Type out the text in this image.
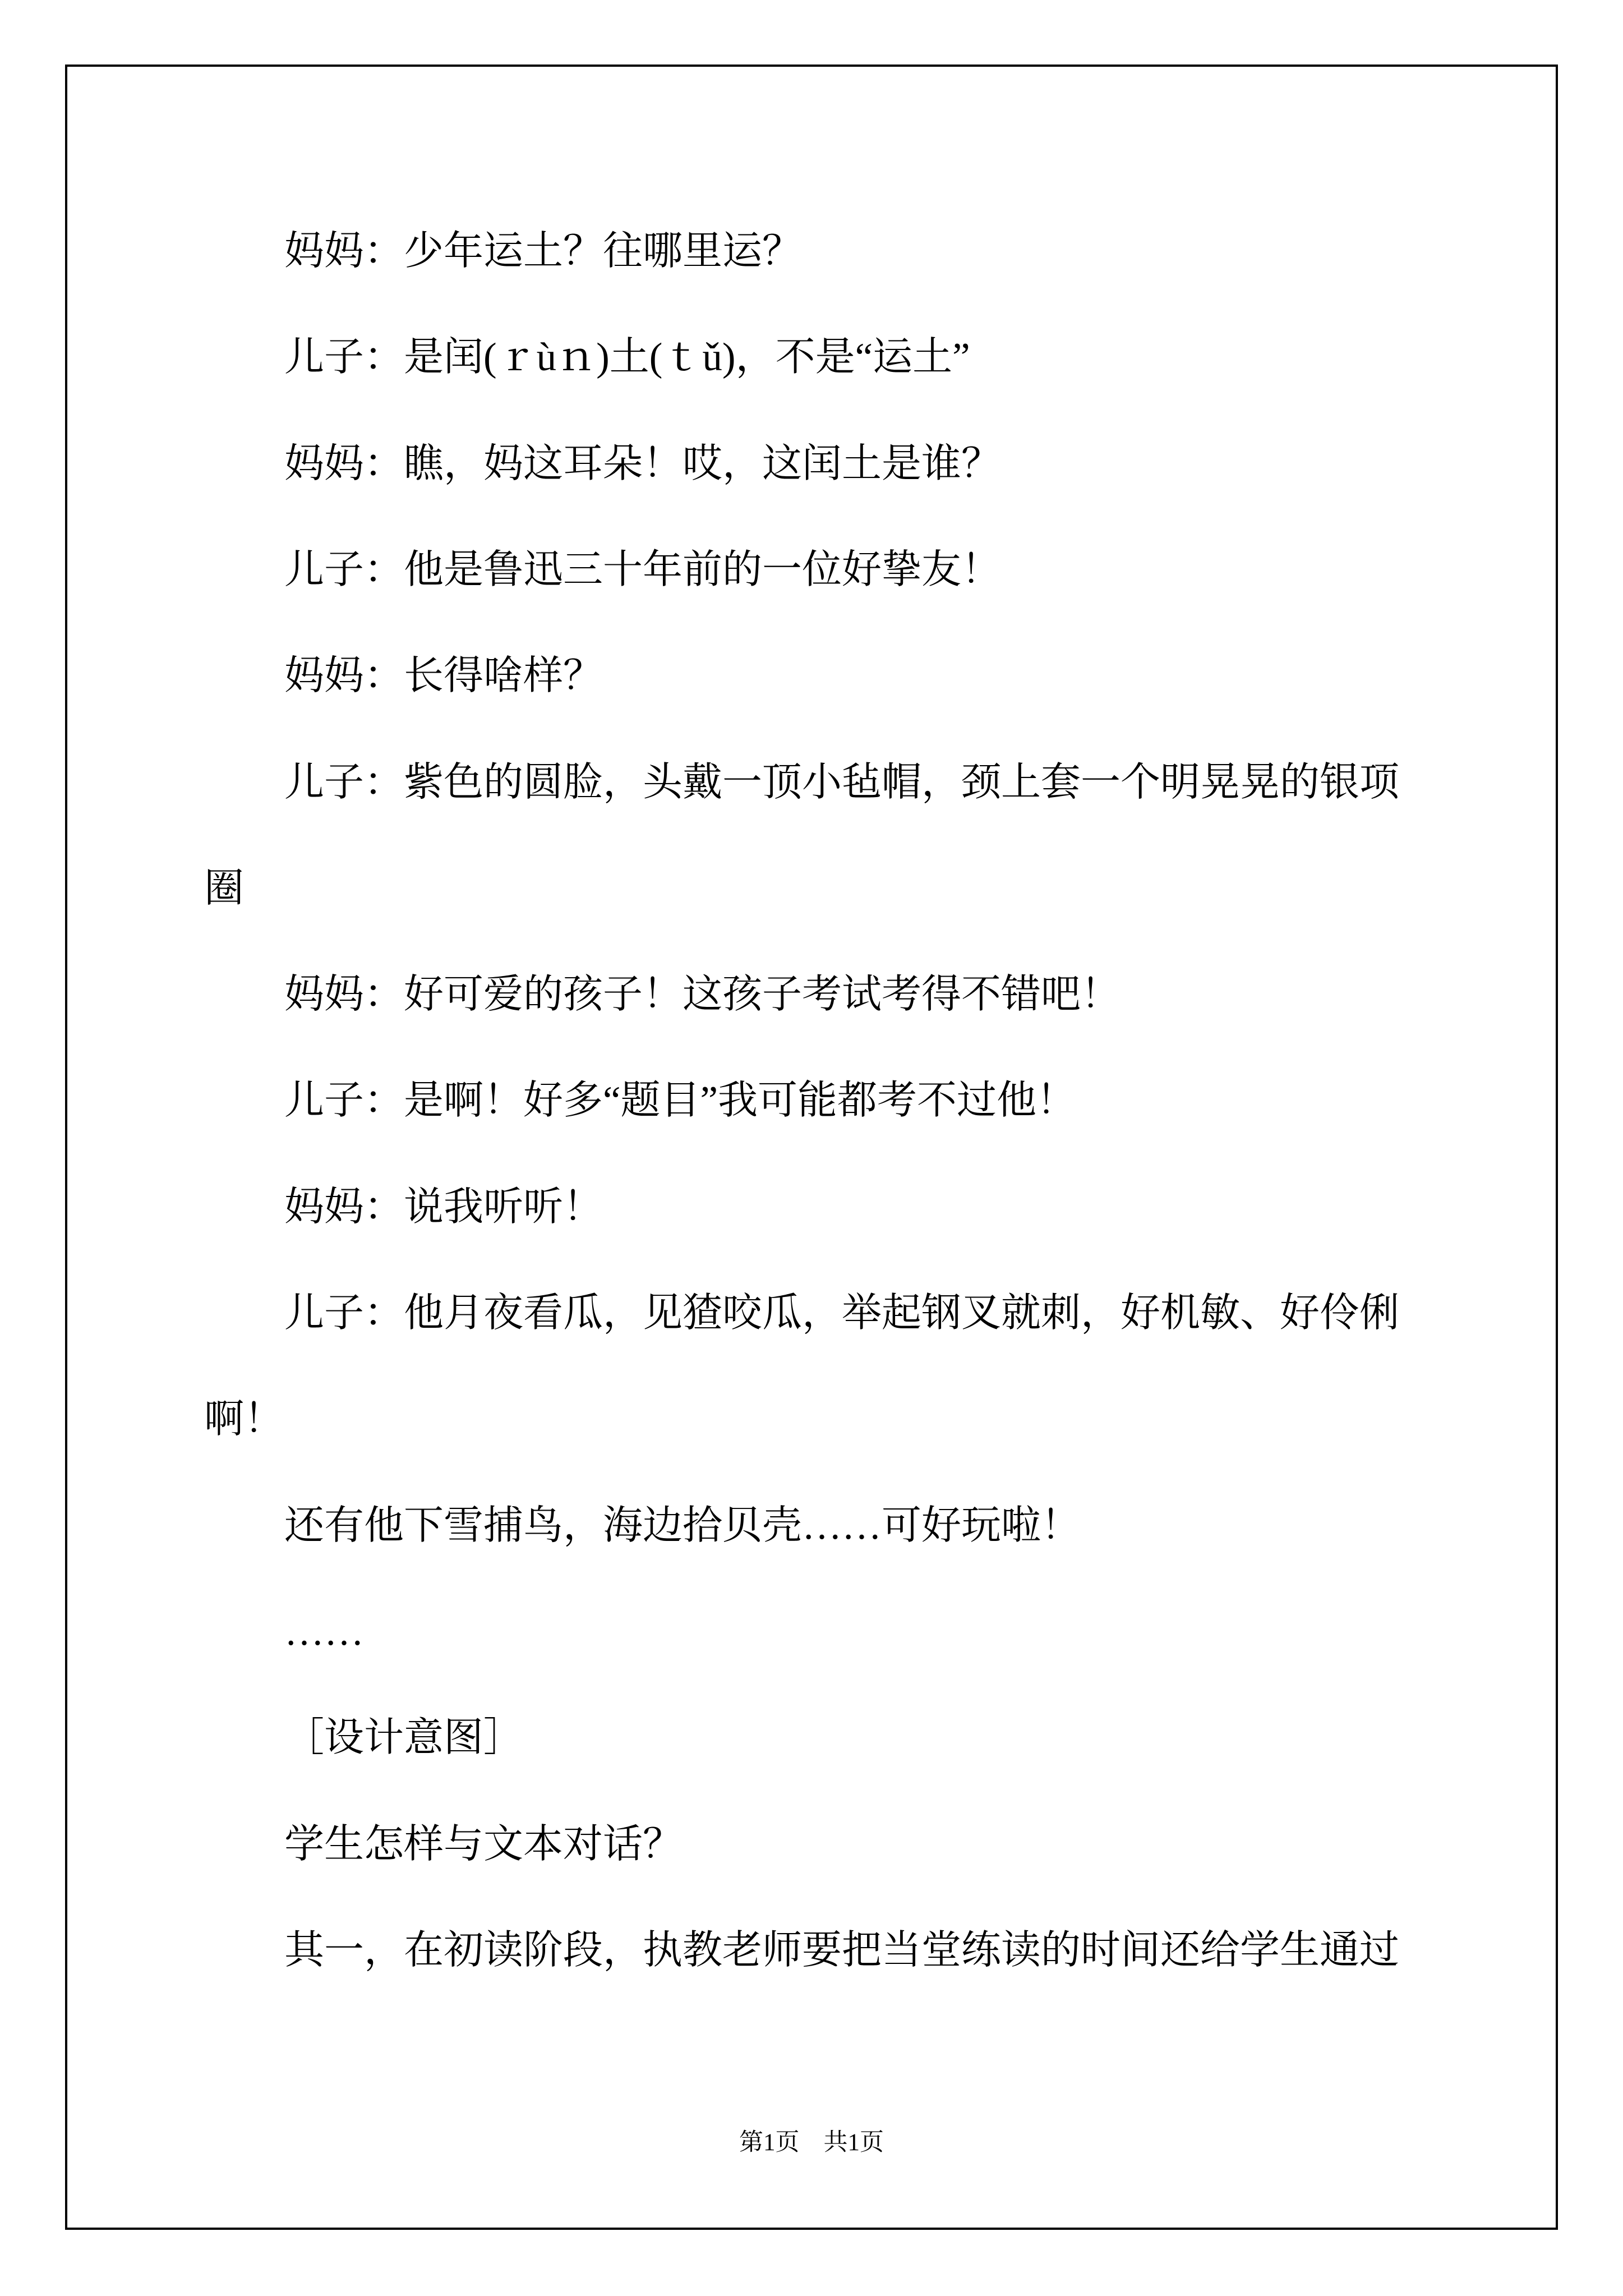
妈妈：少年运土？往哪里运？
儿子：是闰(ｒùｎ)土(ｔǔ)，不是“运土”
妈妈：瞧，妈这耳朵！哎，这闰土是谁？
儿子：他是鲁迅三十年前的一位好挚友！
妈妈：长得啥样？
儿子：紫色的圆脸，头戴一顶小毡帽，颈上套一个明晃晃的银项
圈
妈妈：好可爱的孩子！这孩子考试考得不错吧！
儿子：是啊！好多“题目”我可能都考不过他！
妈妈：说我听听！
儿子：他月夜看瓜，见猹咬瓜，举起钢叉就刺，好机敏、好伶俐
啊！
还有他下雪捕鸟，海边拾贝壳……可好玩啦！
……
［设计意图］
学生怎样与文本对话？
其一，在初读阶段，执教老师要把当堂练读的时间还给学生通过
第1页　共1页
